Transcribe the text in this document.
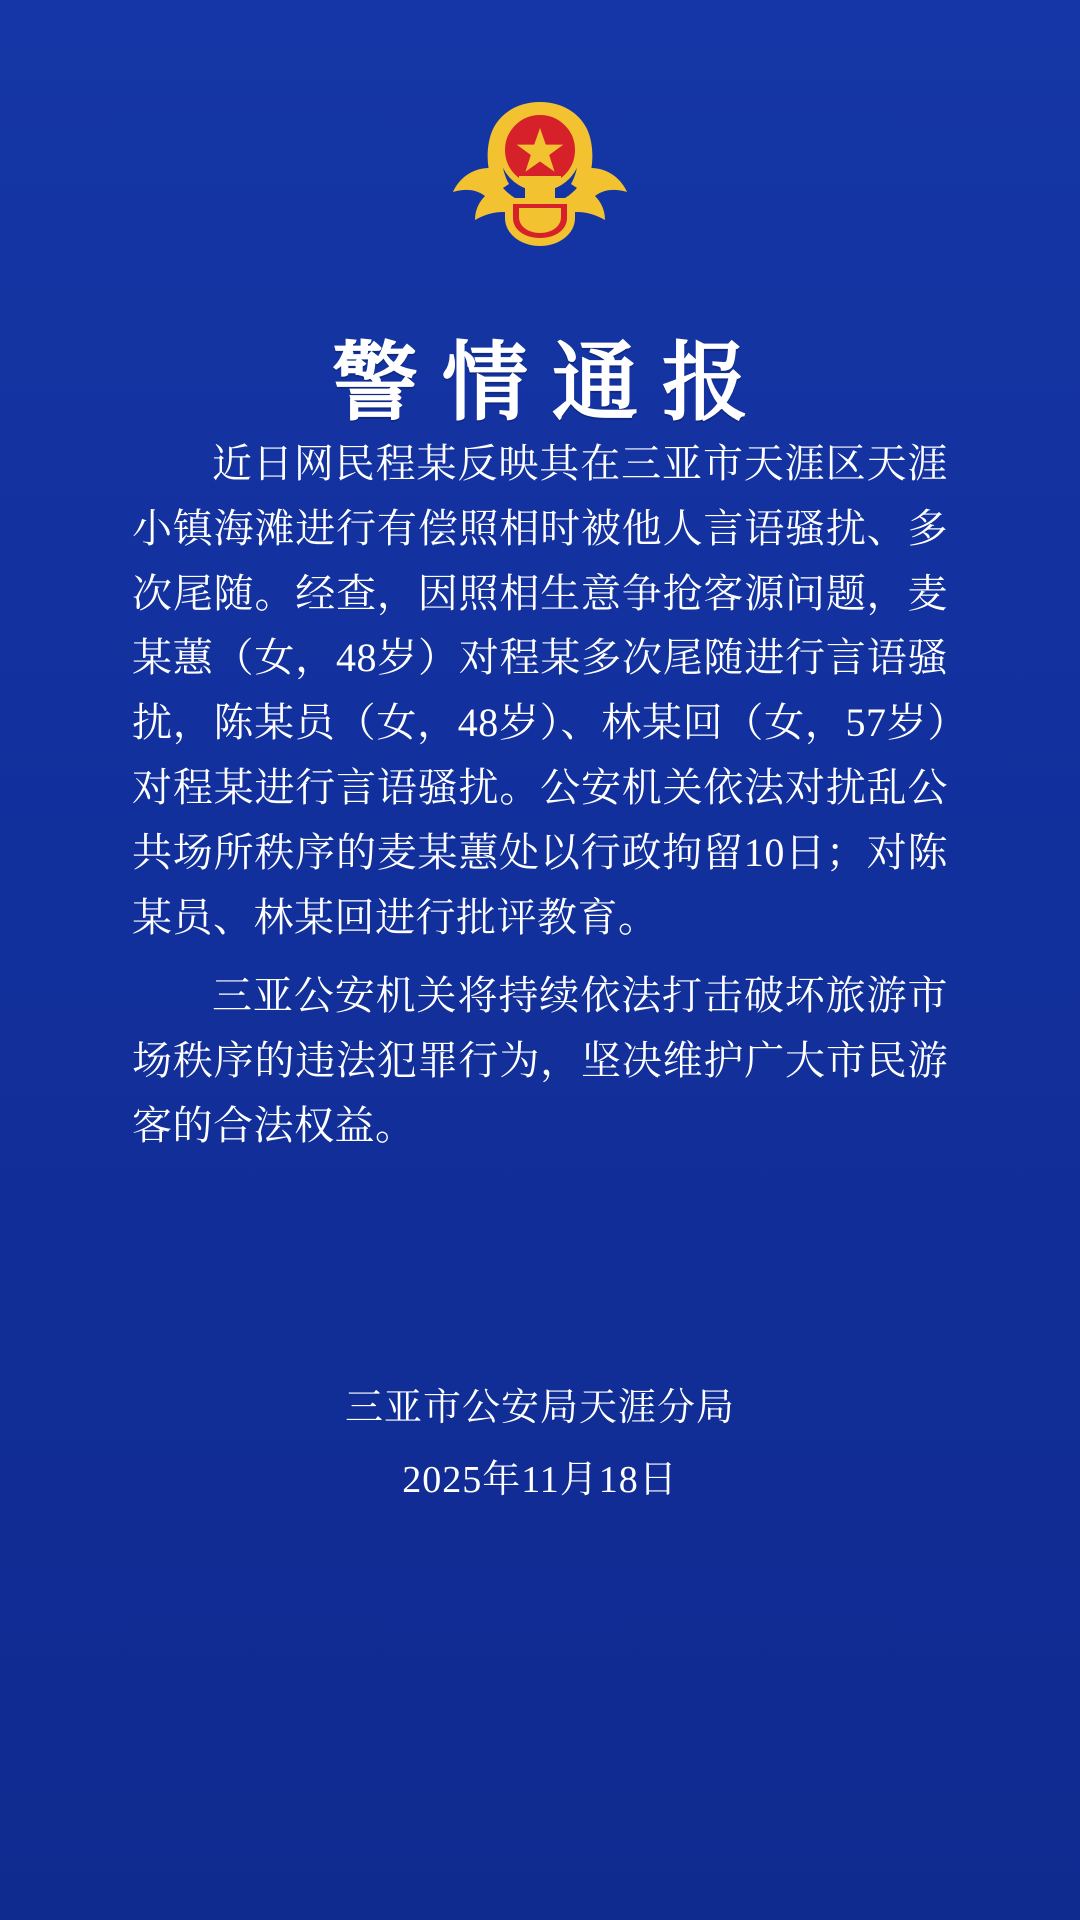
警情通报

近日网民程某反映其在三亚市天涯区天涯小镇海滩进行有偿照相时被他人言语骚扰、多次尾随。经查，因照相生意争抢客源问题，麦某蕙（女，48岁）对程某多次尾随进行言语骚扰，陈某员（女，48岁）、林某回（女，57岁）对程某进行言语骚扰。公安机关依法对扰乱公共场所秩序的麦某蕙处以行政拘留10日；对陈某员、林某回进行批评教育。

三亚公安机关将持续依法打击破坏旅游市场秩序的违法犯罪行为，坚决维护广大市民游客的合法权益。

三亚市公安局天涯分局
2025年11月18日
